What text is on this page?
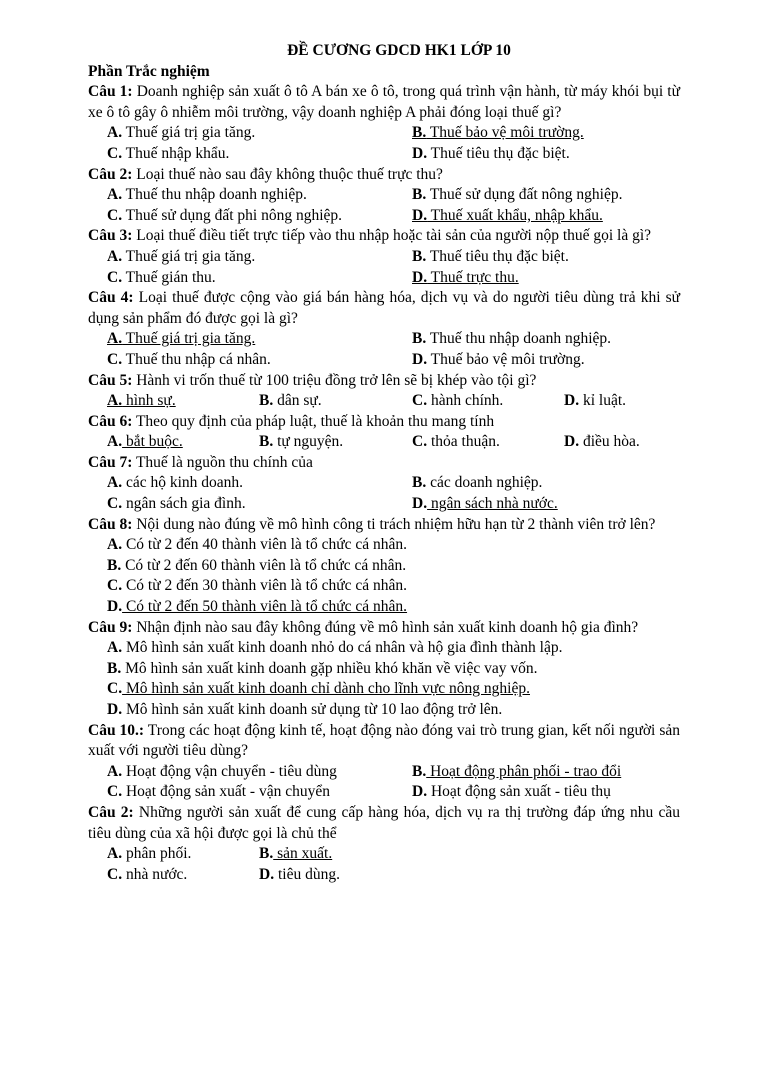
ĐỀ CƯƠNG GDCD HK1 LỚP 10
Phần Trắc nghiệm
Câu 1: Doanh nghiệp sản xuất ô tô A bán xe ô tô, trong quá trình vận hành, từ máy khói bụi từ xe ô tô gây ô nhiễm môi trường, vậy doanh nghiệp A phải đóng loại thuế gì?
A. Thuế giá trị gia tăng.	B. Thuế bảo vệ môi trường.
C. Thuế nhập khẩu.	D. Thuế tiêu thụ đặc biệt.
Câu 2: Loại thuế nào sau đây không thuộc thuế trực thu?
A. Thuế thu nhập doanh nghiệp.	B. Thuế sử dụng đất nông nghiệp.
C. Thuế sử dụng đất phi nông nghiệp.	D. Thuế xuất khẩu, nhập khẩu.
Câu 3: Loại thuế điều tiết trực tiếp vào thu nhập hoặc tài sản của người nộp thuế gọi là gì?
A. Thuế giá trị gia tăng.	B. Thuế tiêu thụ đặc biệt.
C. Thuế gián thu.	D. Thuế trực thu.
Câu 4: Loại thuế được cộng vào giá bán hàng hóa, dịch vụ và do người tiêu dùng trả khi sử dụng sản phẩm đó được gọi là gì?
A. Thuế giá trị gia tăng.	B. Thuế thu nhập doanh nghiệp.
C. Thuế thu nhập cá nhân.	D. Thuế bảo vệ môi trường.
Câu 5: Hành vi trốn thuế từ 100 triệu đồng trở lên sẽ bị khép vào tội gì?
A. hình sự.	B. dân sự.	C. hành chính.	D. kỉ luật.
Câu 6: Theo quy định của pháp luật, thuế là khoản thu mang tính
A. bắt buộc.	B. tự nguyện.	C. thỏa thuận.	D. điều hòa.
Câu 7: Thuế là nguồn thu chính của
A. các hộ kinh doanh.	B. các doanh nghiệp.
C. ngân sách gia đình.	D. ngân sách nhà nước.
Câu 8: Nội dung nào đúng về mô hình công ti trách nhiệm hữu hạn từ 2 thành viên trở lên?
A. Có từ 2 đến 40 thành viên là tổ chức cá nhân.
B. Có từ 2 đến 60 thành viên là tổ chức cá nhân.
C. Có từ 2 đến 30 thành viên là tổ chức cá nhân.
D. Có từ 2 đến 50 thành viên là tổ chức cá nhân.
Câu 9: Nhận định nào sau đây không đúng về mô hình sản xuất kinh doanh hộ gia đình?
A. Mô hình sản xuất kinh doanh nhỏ do cá nhân và hộ gia đình thành lập.
B. Mô hình sản xuất kinh doanh gặp nhiều khó khăn về việc vay vốn.
C. Mô hình sản xuất kinh doanh chỉ dành cho lĩnh vực nông nghiệp.
D. Mô hình sản xuất kinh doanh sử dụng từ 10 lao động trở lên.
Câu 10.: Trong các hoạt động kinh tế, hoạt động nào đóng vai trò trung gian, kết nối người sản xuất với người tiêu dùng?
A. Hoạt động vận chuyển - tiêu dùng	B. Hoạt động phân phối - trao đổi
C. Hoạt động sản xuất - vận chuyển	D. Hoạt động sản xuất - tiêu thụ
Câu 2: Những người sản xuất để cung cấp hàng hóa, dịch vụ ra thị trường đáp ứng nhu cầu tiêu dùng của xã hội được gọi là chủ thể
A. phân phối.	B. sản xuất.
C. nhà nước.	D. tiêu dùng.
